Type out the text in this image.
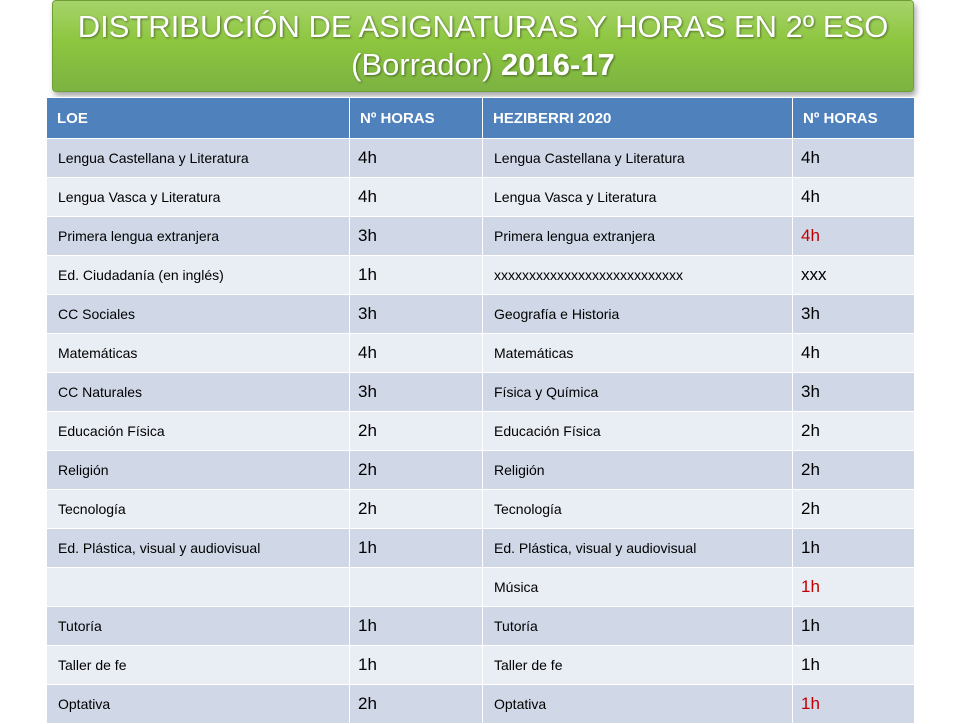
DISTRIBUCIÓN DE ASIGNATURAS Y HORAS EN 2º ESO
(Borrador) 2016-17
LOE	Nº HORAS	HEZIBERRI 2020	Nº HORAS
Lengua Castellana y Literatura	4h	Lengua Castellana y Literatura	4h
Lengua Vasca y Literatura	4h	Lengua Vasca y Literatura	4h
Primera lengua extranjera	3h	Primera lengua extranjera	4h
Ed. Ciudadanía (en inglés)	1h	xxxxxxxxxxxxxxxxxxxxxxxxxxx	xxx
CC Sociales	3h	Geografía e Historia	3h
Matemáticas	4h	Matemáticas	4h
CC Naturales	3h	Física y Química	3h
Educación Física	2h	Educación Física	2h
Religión	2h	Religión	2h
Tecnología	2h	Tecnología	2h
Ed. Plástica, visual y audiovisual	1h	Ed. Plástica, visual y audiovisual	1h
		Música	1h
Tutoría	1h	Tutoría	1h
Taller de fe	1h	Taller de fe	1h
Optativa	2h	Optativa	1h
